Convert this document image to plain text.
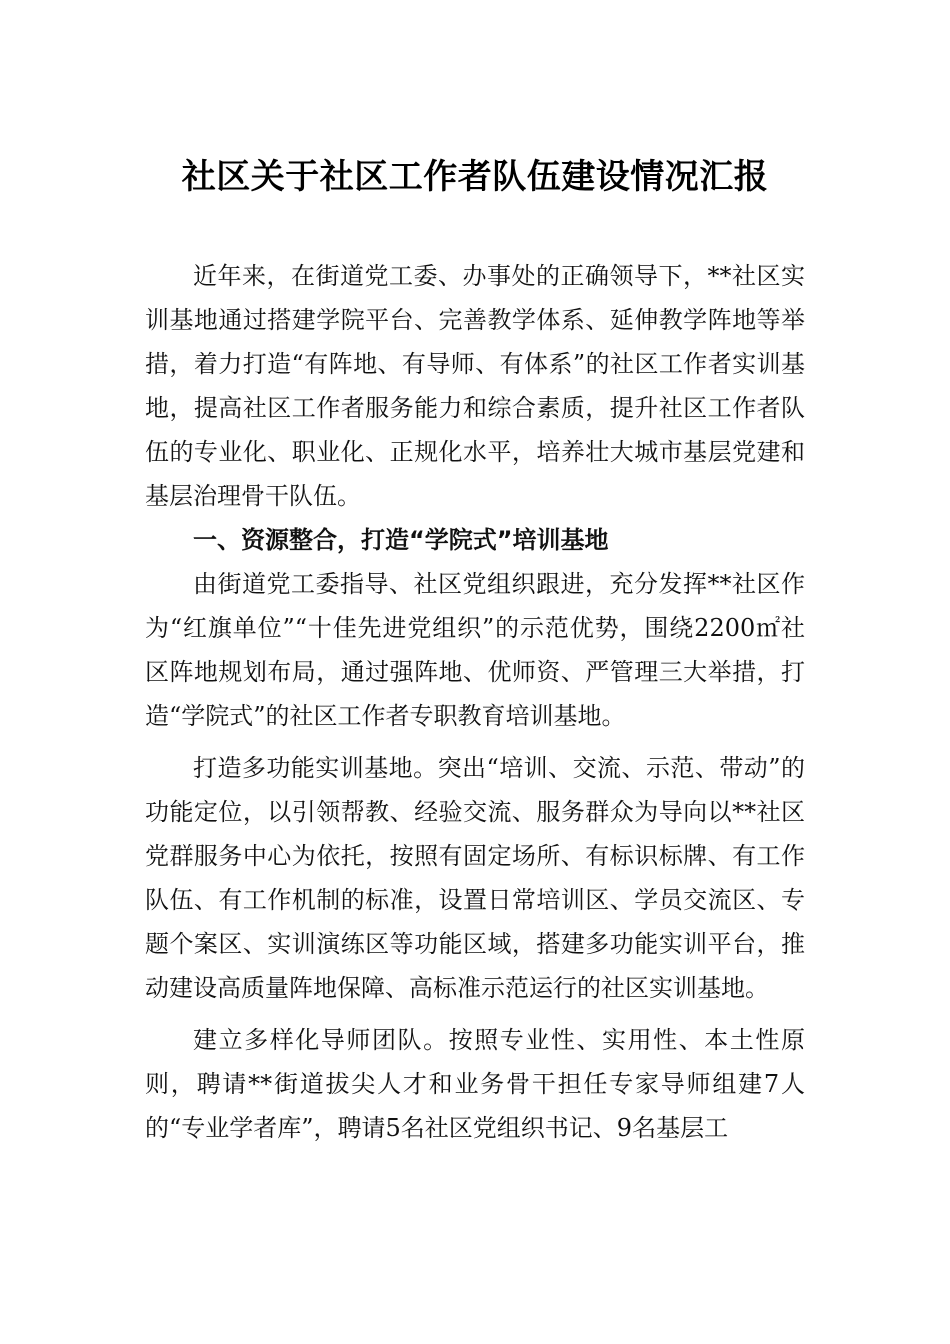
社区关于社区工作者队伍建设情况汇报

近年来，在街道党工委、办事处的正确领导下，**社区实训基地通过搭建学院平台、完善教学体系、延伸教学阵地等举措，着力打造“有阵地、有导师、有体系”的社区工作者实训基地，提高社区工作者服务能力和综合素质，提升社区工作者队伍的专业化、职业化、正规化水平，培养壮大城市基层党建和基层治理骨干队伍。

一、资源整合，打造“学院式”培训基地

由街道党工委指导、社区党组织跟进，充分发挥**社区作为“红旗单位”“十佳先进党组织”的示范优势，围绕2200㎡社区阵地规划布局，通过强阵地、优师资、严管理三大举措，打造“学院式”的社区工作者专职教育培训基地。

打造多功能实训基地。突出“培训、交流、示范、带动”的功能定位，以引领帮教、经验交流、服务群众为导向以**社区党群服务中心为依托，按照有固定场所、有标识标牌、有工作队伍、有工作机制的标准，设置日常培训区、学员交流区、专题个案区、实训演练区等功能区域，搭建多功能实训平台，推动建设高质量阵地保障、高标准示范运行的社区实训基地。

建立多样化导师团队。按照专业性、实用性、本土性原则，聘请**街道拔尖人才和业务骨干担任专家导师组建7人的“专业学者库”，聘请5名社区党组织书记、9名基层工
